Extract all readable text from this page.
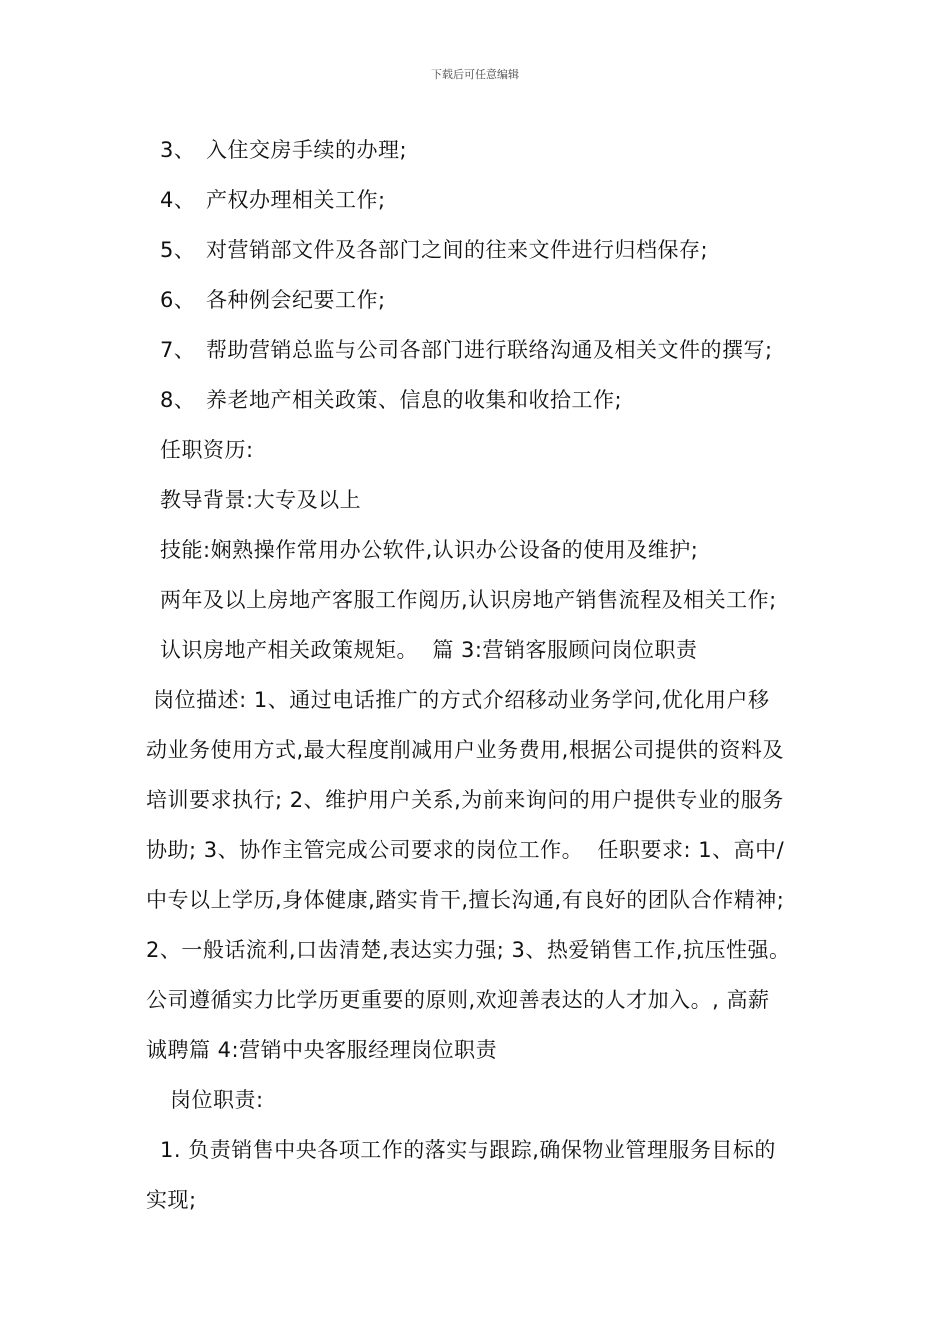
下载后可任意编辑
3、 入住交房手续的办理;
4、 产权办理相关工作;
5、 对营销部文件及各部门之间的往来文件进行归档保存;
6、 各种例会纪要工作;
7、 帮助营销总监与公司各部门进行联络沟通及相关文件的撰写;
8、 养老地产相关政策、信息的收集和收拾工作;
任职资历:
教导背景:大专及以上
技能:娴熟操作常用办公软件,认识办公设备的使用及维护;
两年及以上房地产客服工作阅历,认识房地产销售流程及相关工作;
认识房地产相关政策规矩。  篇 3:营销客服顾问岗位职责
岗位描述: 1、通过电话推广的方式介绍移动业务学问,优化用户移
动业务使用方式,最大程度削减用户业务费用,根据公司提供的资料及
培训要求执行; 2、维护用户关系,为前来询问的用户提供专业的服务
协助; 3、协作主管完成公司要求的岗位工作。  任职要求: 1、高中/
中专以上学历,身体健康,踏实肯干,擅长沟通,有良好的团队合作精神;
2、一般话流利,口齿清楚,表达实力强; 3、热爱销售工作,抗压性强。
公司遵循实力比学历更重要的原则,欢迎善表达的人才加入。, 高薪
诚聘篇 4:营销中央客服经理岗位职责
岗位职责:
1. 负责销售中央各项工作的落实与跟踪,确保物业管理服务目标的
实现;
